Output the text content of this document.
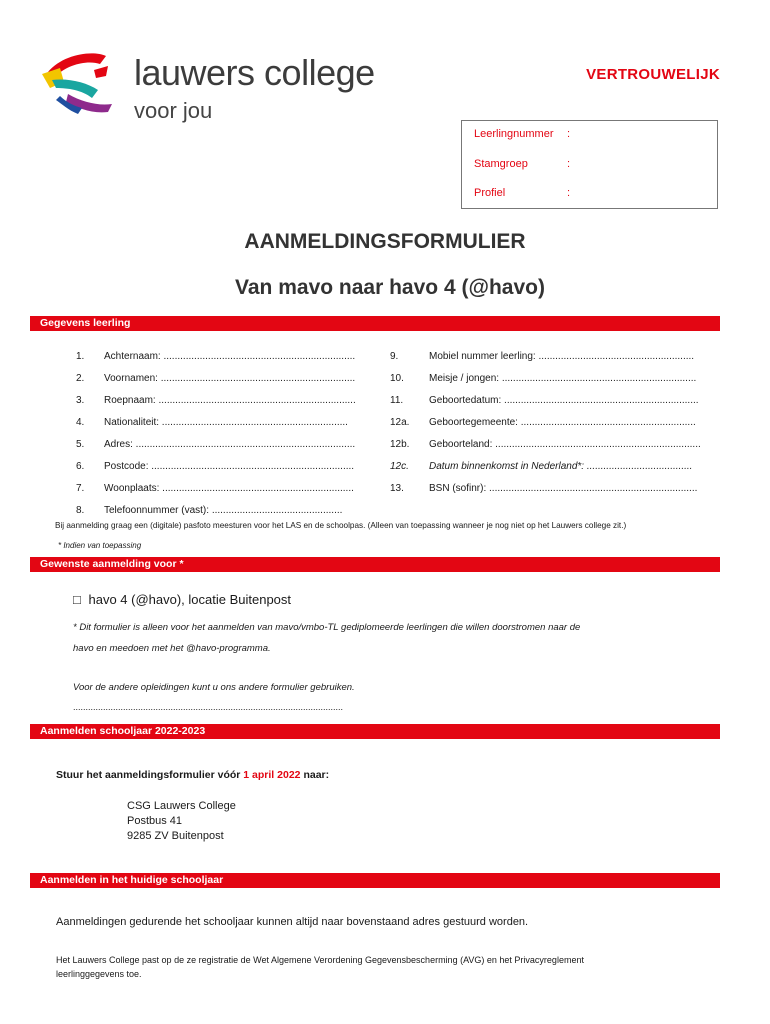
lauwers college
voor jou
VERTROUWELIJK
Leerlingnummer :
Stamgroep	:
Profiel	:
AANMELDINGSFORMULIER
Van mavo naar havo 4 (@havo)
Gegevens leerling
1. Achternaam: .....................................................................
2. Voornamen: ......................................................................
3. Roepnaam: .......................................................................
4. Nationaliteit: ...................................................................
5. Adres: ...............................................................................
6. Postcode: .........................................................................
7. Woonplaats: .....................................................................
8. Telefoonnummer (vast): ...............................................
9.	Mobiel nummer leerling: ........................................................
10.	Meisje / jongen: ......................................................................
11.	Geboortedatum: ......................................................................
12a. Geboortegemeente: ...............................................................
12b. Geboorteland: ..........................................................................
12c. Datum binnenkomst in Nederland*: ......................................
13.	BSN (sofinr): ...........................................................................
Bij aanmelding graag een (digitale) pasfoto meesturen voor het LAS en de schoolpas. (Alleen van toepassing wanneer je nog niet op het Lauwers college zit.)
* Indien van toepassing
Gewenste aanmelding voor *
□ havo 4 (@havo), locatie Buitenpost
* Dit formulier is alleen voor het aanmelden van mavo/vmbo-TL gediplomeerde leerlingen die willen doorstromen naar de
havo en meedoen met het @havo-programma.
Voor de andere opleidingen kunt u ons andere formulier gebruiken.
............................................................................................................
Aanmelden schooljaar 2022-2023
Stuur het aanmeldingsformulier vóór 1 april 2022 naar:
CSG Lauwers College
Postbus 41
9285 ZV Buitenpost
Aanmelden in het huidige schooljaar
Aanmeldingen gedurende het schooljaar kunnen altijd naar bovenstaand adres gestuurd worden.
Het Lauwers College past op de ze registratie de Wet Algemene Verordening Gegevensbescherming (AVG) en het Privacyreglement
leerlinggegevens toe.
